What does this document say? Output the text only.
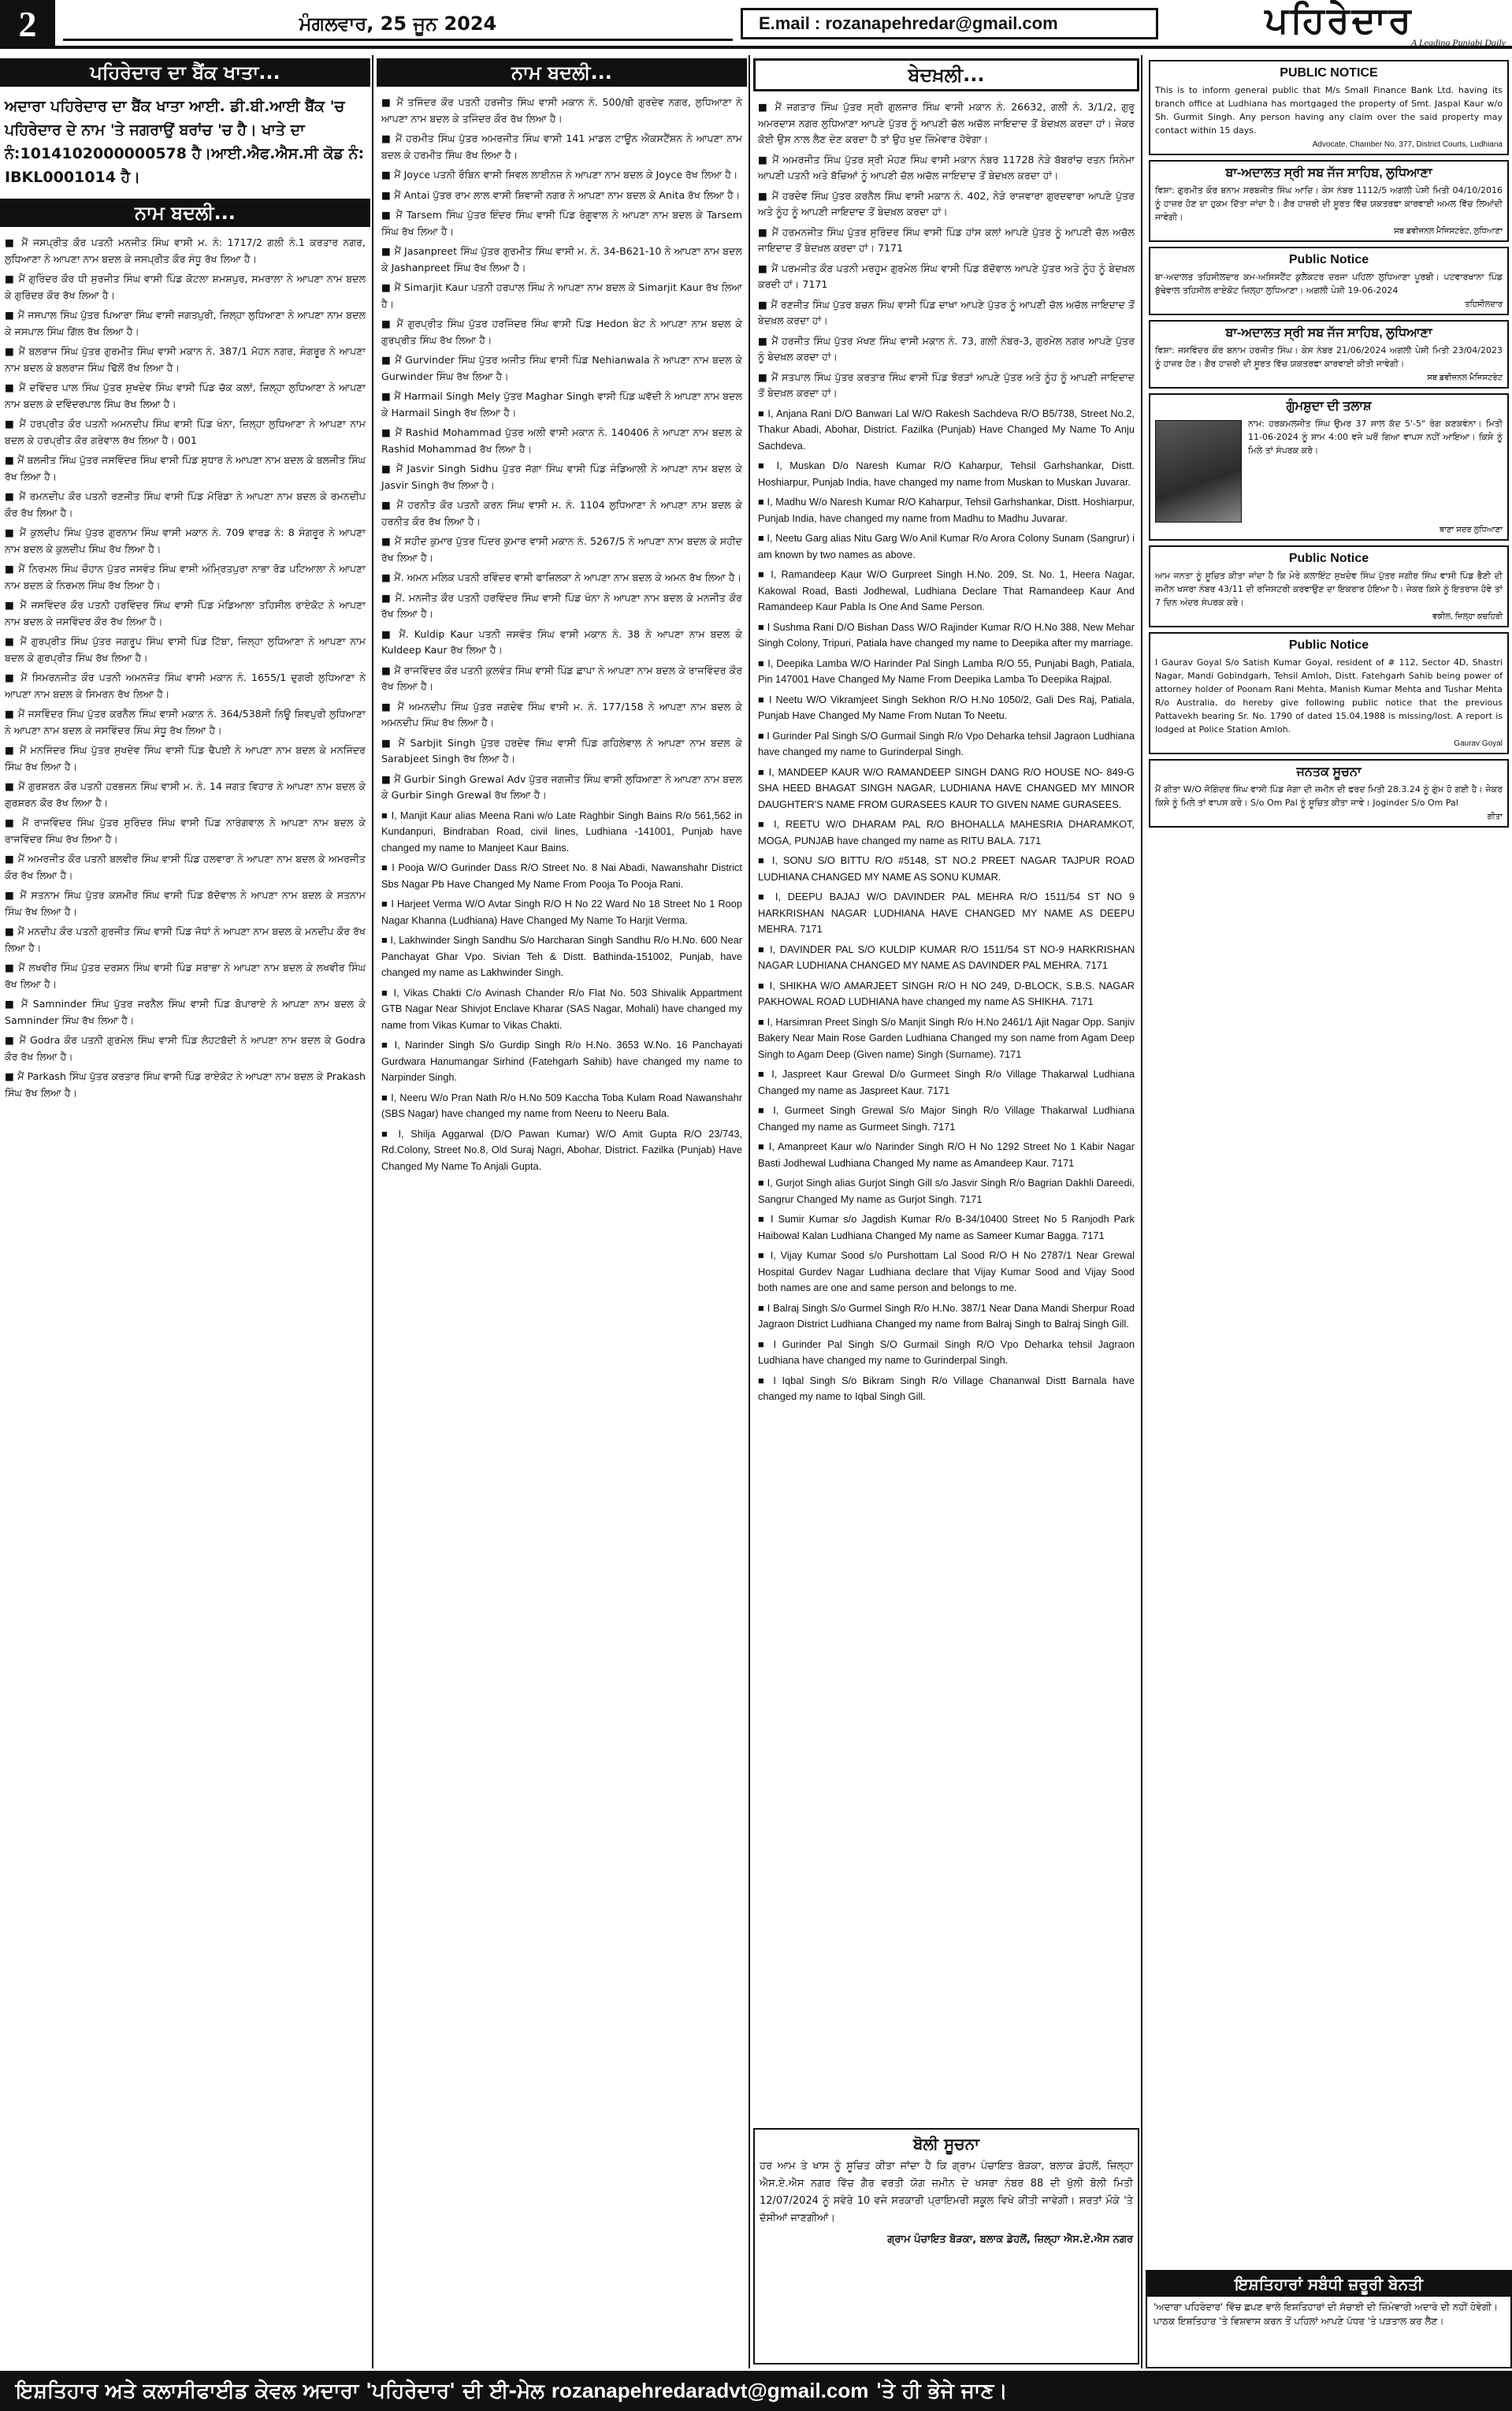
2	ਮੰਗਲਵਾਰ, 25 ਜੂਨ 2024	E.mail : rozanapehredar@gmail.com	ਪਹਿਰੇਦਾਰ
A Leading Punjabi Daily
ਪਹਿਰੇਦਾਰ ਦਾ ਬੈਂਕ ਖਾਤਾ...
ਅਦਾਰਾ ਪਹਿਰੇਦਾਰ ਦਾ ਬੈਂਕ ਖਾਤਾ ਆਈ. ਡੀ.ਬੀ.ਆਈ ਬੈਂਕ 'ਚ ਪਹਿਰੇਦਾਰ ਦੇ ਨਾਮ 'ਤੇ ਜਗਰਾਉਂ ਬਰਾਂਚ 'ਚ ਹੈ। ਖਾਤੇ ਦਾ ਨੰ:1014102000000578 ਹੈ।ਆਈ.ਐਫ.ਐਸ.ਸੀ ਕੋਡ ਨੰ: IBKL0001014 ਹੈ।
ਨਾਮ ਬਦਲੀ...

■ ਮੈਂ ਜਸਪ੍ਰੀਤ ਕੌਰ ਪਤਨੀ ਮਨਜੀਤ ਸਿੰਘ ਵਾਸੀ ਮ. ਨੰ: 1717/2 ਗਲੀ ਨੰ.1 ਕਰਤਾਰ ਨਗਰ, ਲੁਧਿਆਣਾ ਨੇ ਆਪਣਾ ਨਾਮ ਬਦਲ ਕੇ ਜਸਪ੍ਰੀਤ ਕੌਰ ਸੰਧੂ ਰੱਖ ਲਿਆ ਹੈ।

■ ਮੈਂ ਗੁਰਿੰਦਰ ਕੌਰ ਧੀ ਸੁਰਜੀਤ ਸਿੰਘ ਵਾਸੀ ਪਿੰਡ ਕੋਟਲਾ ਸ਼ਮਸ਼ਪੁਰ, ਸਮਰਾਲਾ ਨੇ ਆਪਣਾ ਨਾਮ ਬਦਲ ਕੇ ਗੁਰਿੰਦਰ ਕੌਰ ਰੱਖ ਲਿਆ ਹੈ।

■ ਮੈਂ ਜਸਪਾਲ ਸਿੰਘ ਪੁੱਤਰ ਪਿਆਰਾ ਸਿੰਘ ਵਾਸੀ ਜਗਤਪੁਰੀ, ਜ਼ਿਲ੍ਹਾ ਲੁਧਿਆਣਾ ਨੇ ਆਪਣਾ ਨਾਮ ਬਦਲ ਕੇ ਜਸਪਾਲ ਸਿੰਘ ਗਿੱਲ ਰੱਖ ਲਿਆ ਹੈ।

■ ਮੈਂ ਬਲਰਾਜ ਸਿੰਘ ਪੁੱਤਰ ਗੁਰਮੀਤ ਸਿੰਘ ਵਾਸੀ ਮਕਾਨ ਨੰ. 387/1 ਮੋਹਨ ਨਗਰ, ਸੰਗਰੂਰ ਨੇ ਆਪਣਾ ਨਾਮ ਬਦਲ ਕੇ ਬਲਰਾਜ ਸਿੰਘ ਢਿੱਲੋਂ ਰੱਖ ਲਿਆ ਹੈ।

■ ਮੈਂ ਦਵਿੰਦਰ ਪਾਲ ਸਿੰਘ ਪੁੱਤਰ ਸੁਖਦੇਵ ਸਿੰਘ ਵਾਸੀ ਪਿੰਡ ਚੱਕ ਕਲਾਂ, ਜ਼ਿਲ੍ਹਾ ਲੁਧਿਆਣਾ ਨੇ ਆਪਣਾ ਨਾਮ ਬਦਲ ਕੇ ਦਵਿੰਦਰਪਾਲ ਸਿੰਘ ਰੱਖ ਲਿਆ ਹੈ।

■ ਮੈਂ ਹਰਪ੍ਰੀਤ ਕੌਰ ਪਤਨੀ ਅਮਨਦੀਪ ਸਿੰਘ ਵਾਸੀ ਪਿੰਡ ਖੰਨਾ, ਜ਼ਿਲ੍ਹਾ ਲੁਧਿਆਣਾ ਨੇ ਆਪਣਾ ਨਾਮ ਬਦਲ ਕੇ ਹਰਪ੍ਰੀਤ ਕੌਰ ਗਰੇਵਾਲ ਰੱਖ ਲਿਆ ਹੈ। 001

■ ਮੈਂ ਬਲਜੀਤ ਸਿੰਘ ਪੁੱਤਰ ਜਸਵਿੰਦਰ ਸਿੰਘ ਵਾਸੀ ਪਿੰਡ ਸੁਧਾਰ ਨੇ ਆਪਣਾ ਨਾਮ ਬਦਲ ਕੇ ਬਲਜੀਤ ਸਿੰਘ ਰੱਖ ਲਿਆ ਹੈ।

■ ਮੈਂ ਰਮਨਦੀਪ ਕੌਰ ਪਤਨੀ ਰਣਜੀਤ ਸਿੰਘ ਵਾਸੀ ਪਿੰਡ ਮੋਰਿੰਡਾ ਨੇ ਆਪਣਾ ਨਾਮ ਬਦਲ ਕੇ ਰਮਨਦੀਪ ਕੌਰ ਰੱਖ ਲਿਆ ਹੈ।

■ ਮੈਂ ਕੁਲਦੀਪ ਸਿੰਘ ਪੁੱਤਰ ਗੁਰਨਾਮ ਸਿੰਘ ਵਾਸੀ ਮਕਾਨ ਨੰ. 709 ਵਾਰਡ ਨੰ: 8 ਸੰਗਰੂਰ ਨੇ ਆਪਣਾ ਨਾਮ ਬਦਲ ਕੇ ਕੁਲਦੀਪ ਸਿੰਘ ਰੱਖ ਲਿਆ ਹੈ।

■ ਮੈਂ ਨਿਰਮਲ ਸਿੰਘ ਚੌਹਾਨ ਪੁੱਤਰ ਜਸਵੰਤ ਸਿੰਘ ਵਾਸੀ ਅੰਮ੍ਰਿਤਪੁਰਾ ਨਾਭਾ ਰੋਡ ਪਟਿਆਲਾ ਨੇ ਆਪਣਾ ਨਾਮ ਬਦਲ ਕੇ ਨਿਰਮਲ ਸਿੰਘ ਰੱਖ ਲਿਆ ਹੈ।

■ ਮੈਂ ਜਸਵਿੰਦਰ ਕੌਰ ਪਤਨੀ ਹਰਵਿੰਦਰ ਸਿੰਘ ਵਾਸੀ ਪਿੰਡ ਮੰਡਿਆਲਾ ਤਹਿਸੀਲ ਰਾਏਕੋਟ ਨੇ ਆਪਣਾ ਨਾਮ ਬਦਲ ਕੇ ਜਸਵਿੰਦਰ ਕੌਰ ਰੱਖ ਲਿਆ ਹੈ।

■ ਮੈਂ ਗੁਰਪ੍ਰੀਤ ਸਿੰਘ ਪੁੱਤਰ ਜਗਰੂਪ ਸਿੰਘ ਵਾਸੀ ਪਿੰਡ ਟਿੱਬਾ, ਜ਼ਿਲ੍ਹਾ ਲੁਧਿਆਣਾ ਨੇ ਆਪਣਾ ਨਾਮ ਬਦਲ ਕੇ ਗੁਰਪ੍ਰੀਤ ਸਿੰਘ ਰੱਖ ਲਿਆ ਹੈ।

■ ਮੈਂ ਸਿਮਰਨਜੀਤ ਕੌਰ ਪਤਨੀ ਅਮਨਜੋਤ ਸਿੰਘ ਵਾਸੀ ਮਕਾਨ ਨੰ. 1655/1 ਦੁਗਰੀ ਲੁਧਿਆਣਾ ਨੇ ਆਪਣਾ ਨਾਮ ਬਦਲ ਕੇ ਸਿਮਰਨ ਰੱਖ ਲਿਆ ਹੈ।

■ ਮੈਂ ਜਸਵਿੰਦਰ ਸਿੰਘ ਪੁੱਤਰ ਕਰਨੈਲ ਸਿੰਘ ਵਾਸੀ ਮਕਾਨ ਨੰ. 364/538ਸੀ ਨਿਊ ਸ਼ਿਵਪੁਰੀ ਲੁਧਿਆਣਾ ਨੇ ਆਪਣਾ ਨਾਮ ਬਦਲ ਕੇ ਜਸਵਿੰਦਰ ਸਿੰਘ ਸੰਧੂ ਰੱਖ ਲਿਆ ਹੈ।

■ ਮੈਂ ਮਨਜਿੰਦਰ ਸਿੰਘ ਪੁੱਤਰ ਸੁਖਦੇਵ ਸਿੰਘ ਵਾਸੀ ਪਿੰਡ ਢੈਪਈ ਨੇ ਆਪਣਾ ਨਾਮ ਬਦਲ ਕੇ ਮਨਜਿੰਦਰ ਸਿੰਘ ਰੱਖ ਲਿਆ ਹੈ।

■ ਮੈਂ ਗੁਰਸ਼ਰਨ ਕੌਰ ਪਤਨੀ ਹਰਭਜਨ ਸਿੰਘ ਵਾਸੀ ਮ. ਨੰ. 14 ਜਗਤ ਵਿਹਾਰ ਨੇ ਆਪਣਾ ਨਾਮ ਬਦਲ ਕੇ ਗੁਰਸ਼ਰਨ ਕੌਰ ਰੱਖ ਲਿਆ ਹੈ।

■ ਮੈਂ ਰਾਜਵਿੰਦਰ ਸਿੰਘ ਪੁੱਤਰ ਸੁਰਿੰਦਰ ਸਿੰਘ ਵਾਸੀ ਪਿੰਡ ਨਾਰੰਗਵਾਲ ਨੇ ਆਪਣਾ ਨਾਮ ਬਦਲ ਕੇ ਰਾਜਵਿੰਦਰ ਸਿੰਘ ਰੱਖ ਲਿਆ ਹੈ।

■ ਮੈਂ ਅਮਰਜੀਤ ਕੌਰ ਪਤਨੀ ਬਲਵੀਰ ਸਿੰਘ ਵਾਸੀ ਪਿੰਡ ਹਲਵਾਰਾ ਨੇ ਆਪਣਾ ਨਾਮ ਬਦਲ ਕੇ ਅਮਰਜੀਤ ਕੌਰ ਰੱਖ ਲਿਆ ਹੈ।

■ ਮੈਂ ਸਤਨਾਮ ਸਿੰਘ ਪੁੱਤਰ ਕਸ਼ਮੀਰ ਸਿੰਘ ਵਾਸੀ ਪਿੰਡ ਬੱਦੋਵਾਲ ਨੇ ਆਪਣਾ ਨਾਮ ਬਦਲ ਕੇ ਸਤਨਾਮ ਸਿੰਘ ਰੱਖ ਲਿਆ ਹੈ।

■ ਮੈਂ ਮਨਦੀਪ ਕੌਰ ਪਤਨੀ ਗੁਰਜੀਤ ਸਿੰਘ ਵਾਸੀ ਪਿੰਡ ਜੋਧਾਂ ਨੇ ਆਪਣਾ ਨਾਮ ਬਦਲ ਕੇ ਮਨਦੀਪ ਕੌਰ ਰੱਖ ਲਿਆ ਹੈ।

■ ਮੈਂ ਲਖਵੀਰ ਸਿੰਘ ਪੁੱਤਰ ਦਰਸ਼ਨ ਸਿੰਘ ਵਾਸੀ ਪਿੰਡ ਸਰਾਭਾ ਨੇ ਆਪਣਾ ਨਾਮ ਬਦਲ ਕੇ ਲਖਵੀਰ ਸਿੰਘ ਰੱਖ ਲਿਆ ਹੈ।

■ ਮੈਂ Samninder ਸਿੰਘ ਪੁੱਤਰ ਜਰਨੈਲ ਸਿੰਘ ਵਾਸੀ ਪਿੰਡ ਬੋਪਾਰਾਏ ਨੇ ਆਪਣਾ ਨਾਮ ਬਦਲ ਕੇ Samninder ਸਿੰਘ ਰੱਖ ਲਿਆ ਹੈ।

■ ਮੈਂ Godra ਕੌਰ ਪਤਨੀ ਗੁਰਮੇਲ ਸਿੰਘ ਵਾਸੀ ਪਿੰਡ ਲੋਹਟਬੱਦੀ ਨੇ ਆਪਣਾ ਨਾਮ ਬਦਲ ਕੇ Godra ਕੌਰ ਰੱਖ ਲਿਆ ਹੈ।

■ ਮੈਂ Parkash ਸਿੰਘ ਪੁੱਤਰ ਕਰਤਾਰ ਸਿੰਘ ਵਾਸੀ ਪਿੰਡ ਰਾਏਕੋਟ ਨੇ ਆਪਣਾ ਨਾਮ ਬਦਲ ਕੇ Prakash ਸਿੰਘ ਰੱਖ ਲਿਆ ਹੈ।

ਨਾਮ ਬਦਲੀ...

■ ਮੈਂ ਤਜਿੰਦਰ ਕੌਰ ਪਤਨੀ ਹਰਜੀਤ ਸਿੰਘ ਵਾਸੀ ਮਕਾਨ ਨੰ. 500/ਬੀ ਗੁਰਦੇਵ ਨਗਰ, ਲੁਧਿਆਣਾ ਨੇ ਆਪਣਾ ਨਾਮ ਬਦਲ ਕੇ ਤਜਿੰਦਰ ਕੌਰ ਰੱਖ ਲਿਆ ਹੈ।

■ ਮੈਂ ਹਰਮੀਤ ਸਿੰਘ ਪੁੱਤਰ ਅਮਰਜੀਤ ਸਿੰਘ ਵਾਸੀ 141 ਮਾਡਲ ਟਾਊਨ ਐਕਸਟੈਂਸ਼ਨ ਨੇ ਆਪਣਾ ਨਾਮ ਬਦਲ ਕੇ ਹਰਮੀਤ ਸਿੰਘ ਰੱਖ ਲਿਆ ਹੈ।

■ ਮੈਂ Joyce ਪਤਨੀ ਰੌਬਿਨ ਵਾਸੀ ਸਿਵਲ ਲਾਈਨਜ਼ ਨੇ ਆਪਣਾ ਨਾਮ ਬਦਲ ਕੇ Joyce ਰੱਖ ਲਿਆ ਹੈ।

■ ਮੈਂ Antai ਪੁੱਤਰ ਰਾਮ ਲਾਲ ਵਾਸੀ ਸ਼ਿਵਾਜੀ ਨਗਰ ਨੇ ਆਪਣਾ ਨਾਮ ਬਦਲ ਕੇ Anita ਰੱਖ ਲਿਆ ਹੈ।

■ ਮੈਂ Tarsem ਸਿੰਘ ਪੁੱਤਰ ਇੰਦਰ ਸਿੰਘ ਵਾਸੀ ਪਿੰਡ ਰੰਗੂਵਾਲ ਨੇ ਆਪਣਾ ਨਾਮ ਬਦਲ ਕੇ Tarsem ਸਿੰਘ ਰੱਖ ਲਿਆ ਹੈ।

■ ਮੈਂ Jasanpreet ਸਿੰਘ ਪੁੱਤਰ ਗੁਰਮੀਤ ਸਿੰਘ ਵਾਸੀ ਮ. ਨੰ. 34-B621-10 ਨੇ ਆਪਣਾ ਨਾਮ ਬਦਲ ਕੇ Jashanpreet ਸਿੰਘ ਰੱਖ ਲਿਆ ਹੈ।

■ ਮੈਂ Simarjit Kaur ਪਤਨੀ ਹਰਪਾਲ ਸਿੰਘ ਨੇ ਆਪਣਾ ਨਾਮ ਬਦਲ ਕੇ Simarjit Kaur ਰੱਖ ਲਿਆ ਹੈ।

■ ਮੈਂ ਗੁਰਪ੍ਰੀਤ ਸਿੰਘ ਪੁੱਤਰ ਹਰਜਿੰਦਰ ਸਿੰਘ ਵਾਸੀ ਪਿੰਡ Hedon ਬੇਟ ਨੇ ਆਪਣਾ ਨਾਮ ਬਦਲ ਕੇ ਗੁਰਪ੍ਰੀਤ ਸਿੰਘ ਰੱਖ ਲਿਆ ਹੈ।

■ ਮੈਂ Gurvinder ਸਿੰਘ ਪੁੱਤਰ ਅਜੀਤ ਸਿੰਘ ਵਾਸੀ ਪਿੰਡ Nehianwala ਨੇ ਆਪਣਾ ਨਾਮ ਬਦਲ ਕੇ Gurwinder ਸਿੰਘ ਰੱਖ ਲਿਆ ਹੈ।

■ ਮੈਂ Harmail Singh Mely ਪੁੱਤਰ Maghar Singh ਵਾਸੀ ਪਿੰਡ ਘਵੱਦੀ ਨੇ ਆਪਣਾ ਨਾਮ ਬਦਲ ਕੇ Harmail Singh ਰੱਖ ਲਿਆ ਹੈ।

■ ਮੈਂ Rashid Mohammad ਪੁੱਤਰ ਅਲੀ ਵਾਸੀ ਮਕਾਨ ਨੰ. 140406 ਨੇ ਆਪਣਾ ਨਾਮ ਬਦਲ ਕੇ Rashid Mohammad ਰੱਖ ਲਿਆ ਹੈ।

■ ਮੈਂ Jasvir Singh Sidhu ਪੁੱਤਰ ਜੱਗਾ ਸਿੰਘ ਵਾਸੀ ਪਿੰਡ ਜੰਡਿਆਲੀ ਨੇ ਆਪਣਾ ਨਾਮ ਬਦਲ ਕੇ Jasvir Singh ਰੱਖ ਲਿਆ ਹੈ।

■ ਮੈਂ ਹਰਨੀਤ ਕੌਰ ਪਤਨੀ ਕਰਨ ਸਿੰਘ ਵਾਸੀ ਮ. ਨੰ. 1104 ਲੁਧਿਆਣਾ ਨੇ ਆਪਣਾ ਨਾਮ ਬਦਲ ਕੇ ਹਰਨੀਤ ਕੌਰ ਰੱਖ ਲਿਆ ਹੈ।

■ ਮੈਂ ਸਹੀਦ ਕੁਮਾਰ ਪੁੱਤਰ ਪਿੰਦਰ ਕੁਮਾਰ ਵਾਸੀ ਮਕਾਨ ਨੰ. 5267/5 ਨੇ ਆਪਣਾ ਨਾਮ ਬਦਲ ਕੇ ਸਹੀਦ ਰੱਖ ਲਿਆ ਹੈ।

■ ਮੈਂ. ਅਮਨ ਮਲਿਕ ਪਤਨੀ ਰਵਿੰਦਰ ਵਾਸੀ ਫਾਜ਼ਿਲਕਾ ਨੇ ਆਪਣਾ ਨਾਮ ਬਦਲ ਕੇ ਅਮਨ ਰੱਖ ਲਿਆ ਹੈ।

■ ਮੈਂ. ਮਨਜੀਤ ਕੌਰ ਪਤਨੀ ਹਰਵਿੰਦਰ ਸਿੰਘ ਵਾਸੀ ਪਿੰਡ ਖੰਨਾ ਨੇ ਆਪਣਾ ਨਾਮ ਬਦਲ ਕੇ ਮਨਜੀਤ ਕੌਰ ਰੱਖ ਲਿਆ ਹੈ।

■ ਮੈਂ. Kuldip Kaur ਪਤਨੀ ਜਸਵੰਤ ਸਿੰਘ ਵਾਸੀ ਮਕਾਨ ਨੰ. 38 ਨੇ ਆਪਣਾ ਨਾਮ ਬਦਲ ਕੇ Kuldeep Kaur ਰੱਖ ਲਿਆ ਹੈ।

■ ਮੈਂ ਰਾਜਵਿੰਦਰ ਕੌਰ ਪਤਨੀ ਕੁਲਵੰਤ ਸਿੰਘ ਵਾਸੀ ਪਿੰਡ ਛਾਪਾ ਨੇ ਆਪਣਾ ਨਾਮ ਬਦਲ ਕੇ ਰਾਜਵਿੰਦਰ ਕੌਰ ਰੱਖ ਲਿਆ ਹੈ।

■ ਮੈਂ ਅਮਨਦੀਪ ਸਿੰਘ ਪੁੱਤਰ ਜਗਦੇਵ ਸਿੰਘ ਵਾਸੀ ਮ. ਨੰ. 177/158 ਨੇ ਆਪਣਾ ਨਾਮ ਬਦਲ ਕੇ ਅਮਨਦੀਪ ਸਿੰਘ ਰੱਖ ਲਿਆ ਹੈ।

■ ਮੈਂ Sarbjit Singh ਪੁੱਤਰ ਹਰਦੇਵ ਸਿੰਘ ਵਾਸੀ ਪਿੰਡ ਗਹਿਲੇਵਾਲ ਨੇ ਆਪਣਾ ਨਾਮ ਬਦਲ ਕੇ Sarabjeet Singh ਰੱਖ ਲਿਆ ਹੈ।

■ ਮੈਂ Gurbir Singh Grewal Adv ਪੁੱਤਰ ਜਗਜੀਤ ਸਿੰਘ ਵਾਸੀ ਲੁਧਿਆਣਾ ਨੇ ਆਪਣਾ ਨਾਮ ਬਦਲ ਕੇ Gurbir Singh Grewal ਰੱਖ ਲਿਆ ਹੈ।

■ I, Manjit Kaur alias Meena Rani w/o Late Raghbir Singh Bains R/o 561,562 in Kundanpuri, Bindraban Road, civil lines, Ludhiana -141001, Punjab have changed my name to Manjeet Kaur Bains.

■ I Pooja W/O Gurinder Dass R/O Street No. 8 Nai Abadi, Nawanshahr District Sbs Nagar Pb Have Changed My Name From Pooja To Pooja Rani.

■ I Harjeet Verma W/O Avtar Singh R/O H No 22 Ward No 18 Street No 1 Roop Nagar Khanna (Ludhiana) Have Changed My Name To Harjit Verma.

■ I, Lakhwinder Singh Sandhu S/o Harcharan Singh Sandhu R/o H.No. 600 Near Panchayat Ghar Vpo. Sivian Teh & Distt. Bathinda-151002, Punjab, have changed my name as Lakhwinder Singh.

■ I, Vikas Chakti C/o Avinash Chander R/o Flat No. 503 Shivalik Appartment GTB Nagar Near Shivjot Enclave Kharar (SAS Nagar, Mohali) have changed my name from Vikas Kumar to Vikas Chakti.

■ I, Narinder Singh S/o Gurdip Singh R/o H.No. 3653 W.No. 16 Panchayati Gurdwara Hanumangar Sirhind (Fatehgarh Sahib) have changed my name to Narpinder Singh.

■ I, Neeru W/o Pran Nath R/o H.No 509 Kaccha Toba Kulam Road Nawanshahr (SBS Nagar) have changed my name from Neeru to Neeru Bala.

■ I, Shilja Aggarwal (D/O Pawan Kumar) W/O Amit Gupta R/O 23/743, Rd.Colony, Street No.8, Old Suraj Nagri, Abohar, District. Fazilka (Punjab) Have Changed My Name To Anjali Gupta.

ਬੇਦਖ਼ਲੀ...

■ ਮੈਂ ਜਗਤਾਰ ਸਿੰਘ ਪੁੱਤਰ ਸ੍ਰੀ ਗੁਲਜਾਰ ਸਿੰਘ ਵਾਸੀ ਮਕਾਨ ਨੰ. 26632, ਗਲੀ ਨੰ. 3/1/2, ਗੁਰੂ ਅਮਰਦਾਸ ਨਗਰ ਲੁਧਿਆਣਾ ਆਪਣੇ ਪੁੱਤਰ ਨੂੰ ਆਪਣੀ ਚੱਲ ਅਚੱਲ ਜਾਇਦਾਦ ਤੋਂ ਬੇਦਖ਼ਲ ਕਰਦਾ ਹਾਂ। ਜੇਕਰ ਕੋਈ ਉਸ ਨਾਲ ਲੈਣ ਦੇਣ ਕਰਦਾ ਹੈ ਤਾਂ ਉਹ ਖੁਦ ਜ਼ਿੰਮੇਵਾਰ ਹੋਵੇਗਾ।

■ ਮੈਂ ਅਮਰਜੀਤ ਸਿੰਘ ਪੁੱਤਰ ਸ਼੍ਰੀ ਮੋਹਣ ਸਿੰਘ ਵਾਸੀ ਮਕਾਨ ਨੰਬਰ 11728 ਨੇੜੇ ਬੱਬਰਾਂਚ ਰਤਨ ਸਿਨੇਮਾ ਆਪਣੀ ਪਤਨੀ ਅਤੇ ਬੱਚਿਆਂ ਨੂੰ ਆਪਣੀ ਚੱਲ ਅਚੱਲ ਜਾਇਦਾਦ ਤੋਂ ਬੇਦਖ਼ਲ ਕਰਦਾ ਹਾਂ।

■ ਮੈਂ ਹਰਦੇਵ ਸਿੰਘ ਪੁੱਤਰ ਕਰਨੈਲ ਸਿੰਘ ਵਾਸੀ ਮਕਾਨ ਨੰ. 402, ਨੇੜੇ ਰਾਜਵਾਰਾ ਗੁਰਦਵਾਰਾ ਆਪਣੇ ਪੁੱਤਰ ਅਤੇ ਨੂੰਹ ਨੂੰ ਆਪਣੀ ਜਾਇਦਾਦ ਤੋਂ ਬੇਦਖ਼ਲ ਕਰਦਾ ਹਾਂ।

■ ਮੈਂ ਹਰਮਨਜੀਤ ਸਿੰਘ ਪੁੱਤਰ ਸੁਰਿੰਦਰ ਸਿੰਘ ਵਾਸੀ ਪਿੰਡ ਹਾਂਸ ਕਲਾਂ ਆਪਣੇ ਪੁੱਤਰ ਨੂੰ ਆਪਣੀ ਚੱਲ ਅਚੱਲ ਜਾਇਦਾਦ ਤੋਂ ਬੇਦਖ਼ਲ ਕਰਦਾ ਹਾਂ। 7171

■ ਮੈਂ ਪਰਮਜੀਤ ਕੌਰ ਪਤਨੀ ਮਰਹੂਮ ਗੁਰਮੇਲ ਸਿੰਘ ਵਾਸੀ ਪਿੰਡ ਬੱਦੋਵਾਲ ਆਪਣੇ ਪੁੱਤਰ ਅਤੇ ਨੂੰਹ ਨੂੰ ਬੇਦਖ਼ਲ ਕਰਦੀ ਹਾਂ। 7171

■ ਮੈਂ ਰਣਜੀਤ ਸਿੰਘ ਪੁੱਤਰ ਬਚਨ ਸਿੰਘ ਵਾਸੀ ਪਿੰਡ ਦਾਖਾ ਆਪਣੇ ਪੁੱਤਰ ਨੂੰ ਆਪਣੀ ਚੱਲ ਅਚੱਲ ਜਾਇਦਾਦ ਤੋਂ ਬੇਦਖ਼ਲ ਕਰਦਾ ਹਾਂ।

■ ਮੈਂ ਹਰਜੀਤ ਸਿੰਘ ਪੁੱਤਰ ਮੱਖਣ ਸਿੰਘ ਵਾਸੀ ਮਕਾਨ ਨੰ. 73, ਗਲੀ ਨੰਬਰ-3, ਗੁਰਮੇਲ ਨਗਰ ਆਪਣੇ ਪੁੱਤਰ ਨੂੰ ਬੇਦਖ਼ਲ ਕਰਦਾ ਹਾਂ।

■ ਮੈਂ ਸਤਪਾਲ ਸਿੰਘ ਪੁੱਤਰ ਕਰਤਾਰ ਸਿੰਘ ਵਾਸੀ ਪਿੰਡ ਝੋਰੜਾਂ ਆਪਣੇ ਪੁੱਤਰ ਅਤੇ ਨੂੰਹ ਨੂੰ ਆਪਣੀ ਜਾਇਦਾਦ ਤੋਂ ਬੇਦਖ਼ਲ ਕਰਦਾ ਹਾਂ।

■ I, Anjana Rani D/O Banwari Lal W/O Rakesh Sachdeva R/O B5/738, Street No.2, Thakur Abadi, Abohar, District. Fazilka (Punjab) Have Changed My Name To Anju Sachdeva.

■ I, Muskan D/o Naresh Kumar R/O Kaharpur, Tehsil Garhshankar, Distt. Hoshiarpur, Punjab India, have changed my name from Muskan to Muskan Juvarar.

■ I, Madhu W/o Naresh Kumar R/O Kaharpur, Tehsil Garhshankar, Distt. Hoshiarpur, Punjab India, have changed my name from Madhu to Madhu Juvarar.

■ I, Neetu Garg alias Nitu Garg W/o Anil Kumar R/o Arora Colony Sunam (Sangrur) i am known by two names as above.

■ I, Ramandeep Kaur W/O Gurpreet Singh H.No. 209, St. No. 1, Heera Nagar, Kakowal Road, Basti Jodhewal, Ludhiana Declare That Ramandeep Kaur And Ramandeep Kaur Pabla Is One And Same Person.

■ I Sushma Rani D/O Bishan Dass W/O Rajinder Kumar R/O H.No 388, New Mehar Singh Colony, Tripuri, Patiala have changed my name to Deepika after my marriage.

■ I, Deepika Lamba W/O Harinder Pal Singh Lamba R/O 55, Punjabi Bagh, Patiala, Pin 147001 Have Changed My Name From Deepika Lamba To Deepika Rajpal.

■ I Neetu W/O Vikramjeet Singh Sekhon R/O H.No 1050/2, Gali Des Raj, Patiala, Punjab Have Changed My Name From Nutan To Neetu.

■ I Gurinder Pal Singh S/O Gurmail Singh R/o Vpo Deharka tehsil Jagraon Ludhiana have changed my name to Gurinderpal Singh.

■ I, MANDEEP KAUR W/O RAMANDEEP SINGH DANG R/O HOUSE NO- 849-G SHA HEED BHAGAT SINGH NAGAR, LUDHIANA HAVE CHANGED MY MINOR DAUGHTER'S NAME FROM GURASEES KAUR TO GIVEN NAME GURASEES.

■ I, REETU W/O DHARAM PAL R/O BHOHALLA MAHESRIA DHARAMKOT, MOGA, PUNJAB have changed my name as RITU BALA. 7171

■ I, SONU S/O BITTU R/O #5148, ST NO.2 PREET NAGAR TAJPUR ROAD LUDHIANA CHANGED MY NAME AS SONU KUMAR.

■ I, DEEPU BAJAJ W/O DAVINDER PAL MEHRA R/O 1511/54 ST NO 9 HARKRISHAN NAGAR LUDHIANA HAVE CHANGED MY NAME AS DEEPU MEHRA. 7171

■ I, DAVINDER PAL S/O KULDIP KUMAR R/O 1511/54 ST NO-9 HARKRISHAN NAGAR LUDHIANA CHANGED MY NAME AS DAVINDER PAL MEHRA. 7171

■ I, SHIKHA W/O AMARJEET SINGH R/O H NO 249, D-BLOCK, S.B.S. NAGAR PAKHOWAL ROAD LUDHIANA have changed my name AS SHIKHA. 7171

■ I, Harsimran Preet Singh S/o Manjit Singh R/o H.No 2461/1 Ajit Nagar Opp. Sanjiv Bakery Near Main Rose Garden Ludhiana Changed my son name from Agam Deep Singh to Agam Deep (Given name) Singh (Surname). 7171

■ I, Jaspreet Kaur Grewal D/o Gurmeet Singh R/o Village Thakarwal Ludhiana Changed my name as Jaspreet Kaur. 7171

■ I, Gurmeet Singh Grewal S/o Major Singh R/o Village Thakarwal Ludhiana Changed my name as Gurmeet Singh. 7171

■ I, Amanpreet Kaur w/o Narinder Singh R/O H No 1292 Street No 1 Kabir Nagar Basti Jodhewal Ludhiana Changed My name as Amandeep Kaur. 7171

■ I, Gurjot Singh alias Gurjot Singh Gill s/o Jasvir Singh R/o Bagrian Dakhli Dareedi, Sangrur Changed My name as Gurjot Singh. 7171

■ I Sumir Kumar s/o Jagdish Kumar R/o B-34/10400 Street No 5 Ranjodh Park Haibowal Kalan Ludhiana Changed My name as Sameer Kumar Bagga. 7171

■ I, Vijay Kumar Sood s/o Purshottam Lal Sood R/O H No 2787/1 Near Grewal Hospital Gurdev Nagar Ludhiana declare that Vijay Kumar Sood and Vijay Sood both names are one and same person and belongs to me.

■ I Balraj Singh S/o Gurmel Singh R/o H.No. 387/1 Near Dana Mandi Sherpur Road Jagraon District Ludhiana Changed my name from Balraj Singh to Balraj Singh Gill.

■ I Gurinder Pal Singh S/O Gurmail Singh R/O Vpo Deharka tehsil Jagraon Ludhiana have changed my name to Gurinderpal Singh.

■ I Iqbal Singh S/o Bikram Singh R/o Village Chananwal Distt Barnala have changed my name to Iqbal Singh Gill.

PUBLIC NOTICE
This is to inform general public that M/s Small Finance Bank Ltd. having its branch office at Ludhiana has mortgaged the property of Smt. Jaspal Kaur w/o Sh. Gurmit Singh. Any person having any claim over the said property may contact within 15 days.
Advocate, Chamber No. 377, District Courts, Ludhiana
ਬਾ-ਅਦਾਲਤ ਸ੍ਰੀ ਸਬ ਜੱਜ ਸਾਹਿਬ, ਲੁਧਿਆਣਾ
ਵਿਸ਼ਾ: ਗੁਰਮੀਤ ਕੌਰ ਬਨਾਮ ਸਰਬਜੀਤ ਸਿੰਘ ਆਦਿ। ਕੇਸ ਨੰਬਰ 1112/5 ਅਗਲੀ ਪੇਸ਼ੀ ਮਿਤੀ 04/10/2016 ਨੂੰ ਹਾਜ਼ਰ ਹੋਣ ਦਾ ਹੁਕਮ ਦਿੱਤਾ ਜਾਂਦਾ ਹੈ। ਗੈਰ ਹਾਜ਼ਰੀ ਦੀ ਸੂਰਤ ਵਿੱਚ ਯਕਤਰਫਾ ਕਾਰਵਾਈ ਅਮਲ ਵਿੱਚ ਲਿਆਂਦੀ ਜਾਵੇਗੀ।
ਸਬ ਡਵੀਜ਼ਨਲ ਮੈਜਿਸਟਰੇਟ, ਲੁਧਿਆਣਾ
Public Notice
ਬਾ-ਅਦਾਲਤ ਤਹਿਸੀਲਦਾਰ ਕਮ-ਅਸਿਸਟੈਂਟ ਕੁਲੈਕਟਰ ਦਰਜਾ ਪਹਿਲਾ ਲੁਧਿਆਣਾ ਪੂਰਬੀ। ਪਟਵਾਰਖਾਨਾ ਪਿੰਡ ਬੁੱਢੇਵਾਲ ਤਹਿਸੀਲ ਰਾਏਕੋਟ ਜ਼ਿਲ੍ਹਾ ਲੁਧਿਆਣਾ। ਅਗਲੀ ਪੇਸ਼ੀ 19-06-2024
ਤਹਿਸੀਲਦਾਰ
ਬਾ-ਅਦਾਲਤ ਸ੍ਰੀ ਸਬ ਜੱਜ ਸਾਹਿਬ, ਲੁਧਿਆਣਾ
ਵਿਸ਼ਾ: ਜਸਵਿੰਦਰ ਕੌਰ ਬਨਾਮ ਹਰਜੀਤ ਸਿੰਘ। ਕੇਸ ਨੰਬਰ 21/06/2024 ਅਗਲੀ ਪੇਸ਼ੀ ਮਿਤੀ 23/04/2023 ਨੂੰ ਹਾਜ਼ਰ ਹੋਣ। ਗੈਰ ਹਾਜ਼ਰੀ ਦੀ ਸੂਰਤ ਵਿੱਚ ਯਕਤਰਫਾ ਕਾਰਵਾਈ ਕੀਤੀ ਜਾਵੇਗੀ।
ਸਬ ਡਵੀਜ਼ਨਲ ਮੈਜਿਸਟਰੇਟ
ਗੁੰਮਸ਼ੁਦਾ ਦੀ ਤਲਾਸ਼
ਨਾਮ: ਹਰਕਮਲਜੀਤ ਸਿੰਘ ਉਮਰ 37 ਸਾਲ ਕੱਦ 5'-5" ਰੰਗ ਕਣਕਵੰਨਾ। ਮਿਤੀ 11-06-2024 ਨੂੰ ਸ਼ਾਮ 4:00 ਵਜੇ ਘਰੋਂ ਗਿਆ ਵਾਪਸ ਨਹੀਂ ਆਇਆ। ਕਿਸੇ ਨੂੰ ਮਿਲੇ ਤਾਂ ਸੰਪਰਕ ਕਰੋ।
ਥਾਣਾ ਸਦਰ ਲੁਧਿਆਣਾ
Public Notice
ਆਮ ਜਨਤਾ ਨੂੰ ਸੂਚਿਤ ਕੀਤਾ ਜਾਂਦਾ ਹੈ ਕਿ ਮੇਰੇ ਕਲਾਇੰਟ ਸੁਖਦੇਵ ਸਿੰਘ ਪੁੱਤਰ ਜਗੀਰ ਸਿੰਘ ਵਾਸੀ ਪਿੰਡ ਭੈਣੀ ਦੀ ਜ਼ਮੀਨ ਖਸਰਾ ਨੰਬਰ 43/11 ਦੀ ਰਜਿਸਟਰੀ ਕਰਵਾਉਣ ਦਾ ਇਕਰਾਰ ਹੋਇਆ ਹੈ। ਜੇਕਰ ਕਿਸੇ ਨੂੰ ਇਤਰਾਜ਼ ਹੋਵੇ ਤਾਂ 7 ਦਿਨ ਅੰਦਰ ਸੰਪਰਕ ਕਰੇ।
ਵਕੀਲ, ਜ਼ਿਲ੍ਹਾ ਕਚਹਿਰੀ
Public Notice
I Gaurav Goyal S/o Satish Kumar Goyal, resident of # 112, Sector 4D, Shastri Nagar, Mandi Gobindgarh, Tehsil Amloh, Distt. Fatehgarh Sahib being power of attorney holder of Poonam Rani Mehta, Manish Kumar Mehta and Tushar Mehta R/o Australia, do hereby give following public notice that the previous Pattavekh bearing Sr. No. 1790 of dated 15.04.1988 is missing/lost. A report is lodged at Police Station Amloh.
Gaurav Goyal
ਜਨਤਕ ਸੂਚਨਾ
ਮੈਂ ਗੀਤਾ W/O ਜੋਗਿੰਦਰ ਸਿੰਘ ਵਾਸੀ ਪਿੰਡ ਜੋਗਾ ਦੀ ਜ਼ਮੀਨ ਦੀ ਫਰਦ ਮਿਤੀ 28.3.24 ਨੂੰ ਗੁੰਮ ਹੋ ਗਈ ਹੈ। ਜੇਕਰ ਕਿਸੇ ਨੂੰ ਮਿਲੇ ਤਾਂ ਵਾਪਸ ਕਰੇ। S/o Om Pal ਨੂੰ ਸੂਚਿਤ ਕੀਤਾ ਜਾਵੇ। Joginder S/o Om Pal
ਗੀਤਾ
ਬੋਲੀ ਸੂਚਨਾ
ਹਰ ਆਮ ਤੇ ਖਾਸ ਨੂੰ ਸੂਚਿਤ ਕੀਤਾ ਜਾਂਦਾ ਹੈ ਕਿ ਗ੍ਰਾਮ ਪੰਚਾਇਤ ਬੋੜਕਾ, ਬਲਾਕ ਡੇਹਲੋਂ, ਜ਼ਿਲ੍ਹਾ ਐਸ.ਏ.ਐਸ ਨਗਰ ਵਿੱਚ ਗੈਰ ਵਰਤੀ ਯੋਗ ਜ਼ਮੀਨ ਦੇ ਖਸਰਾ ਨੰਬਰ 88 ਦੀ ਖੁੱਲੀ ਬੋਲੀ ਮਿਤੀ 12/07/2024 ਨੂੰ ਸਵੇਰੇ 10 ਵਜੇ ਸਰਕਾਰੀ ਪ੍ਰਾਇਮਰੀ ਸਕੂਲ ਵਿਖੇ ਕੀਤੀ ਜਾਵੇਗੀ। ਸ਼ਰਤਾਂ ਮੌਕੇ 'ਤੇ ਦੱਸੀਆਂ ਜਾਣਗੀਆਂ।
ਗ੍ਰਾਮ ਪੰਚਾਇਤ ਬੋੜਕਾ, ਬਲਾਕ ਡੇਹਲੋਂ, ਜ਼ਿਲ੍ਹਾ ਐਸ.ਏ.ਐਸ ਨਗਰ
ਇਸ਼ਤਿਹਾਰਾਂ ਸਬੰਧੀ ਜ਼ਰੂਰੀ ਬੇਨਤੀ
'ਅਦਾਰਾ ਪਹਿਰੇਦਾਰ' ਵਿੱਚ ਛਪਣ ਵਾਲੇ ਇਸ਼ਤਿਹਾਰਾਂ ਦੀ ਸੱਚਾਈ ਦੀ ਜ਼ਿੰਮੇਵਾਰੀ ਅਦਾਰੇ ਦੀ ਨਹੀਂ ਹੋਵੇਗੀ। ਪਾਠਕ ਇਸ਼ਤਿਹਾਰ 'ਤੇ ਵਿਸ਼ਵਾਸ ਕਰਨ ਤੋਂ ਪਹਿਲਾਂ ਆਪਣੇ ਪੱਧਰ 'ਤੇ ਪੜਤਾਲ ਕਰ ਲੈਣ।
ਇਸ਼ਤਿਹਾਰ ਅਤੇ ਕਲਾਸੀਫਾਈਡ ਕੇਵਲ ਅਦਾਰਾ 'ਪਹਿਰੇਦਾਰ' ਦੀ ਈ-ਮੇਲ rozanapehredaradvt@gmail.com 'ਤੇ ਹੀ ਭੇਜੇ ਜਾਣ।
